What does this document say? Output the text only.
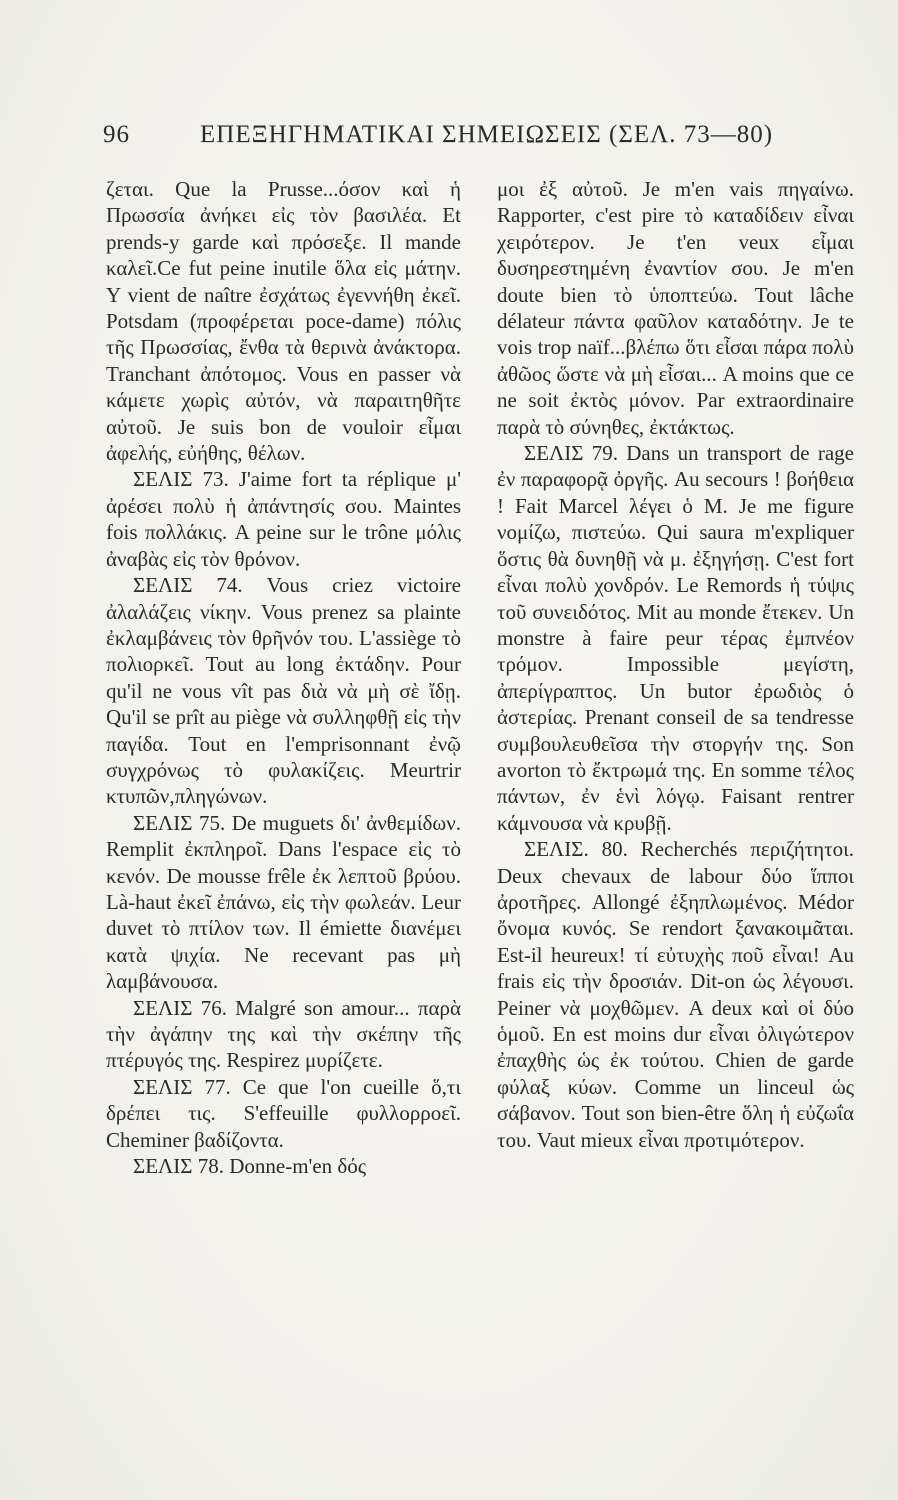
96	ΕΠΕΞΗΓΗΜΑΤΙΚΑΙ ΣΗΜΕΙΩΣΕΙΣ (ΣΕΛ. 73—80)

ζεται. Que la Prusse...όσον καὶ ἡ Πρωσσία ἀνήκει εἰς τὸν βασιλέα. Et prends-y garde καὶ πρόσεξε. Il mande καλεῖ.Ce fut peine inutile ὅλα εἰς μάτην. Y vient de naître ἐσχάτως ἐγεννήθη ἐκεῖ. Potsdam (προφέρεται poce-dame) πόλις τῆς Πρωσσίας, ἔνθα τὰ θερινὰ ἀνάκτορα. Tranchant ἀπότομος. Vous en passer νὰ κάμετε χωρὶς αὐτόν, νὰ παραιτηθῆτε αὐτοῦ. Je suis bon de vouloir εἶμαι ἀφελής, εὐήθης, θέλων.

ΣΕΛΙΣ 73. J'aime fort ta réplique μ' ἀρέσει πολὺ ἡ ἀπάντησίς σου. Maintes fois πολλάκις. A peine sur le trône μόλις ἀναβὰς εἰς τὸν θρόνον.

ΣΕΛΙΣ 74. Vous criez victoire ἀλαλάζεις νίκην. Vous prenez sa plainte ἐκλαμβάνεις τὸν θρῆνόν του. L'assiège τὸ πολιορκεῖ. Tout au long ἐκτάδην. Pour qu'il ne vous vît pas διὰ νὰ μὴ σὲ ἴδῃ. Qu'il se prît au piège νὰ συλληφθῇ εἰς τὴν παγίδα. Tout en l'emprisonnant ἐνῷ συγχρόνως τὸ φυλακίζεις. Meurtrir κτυπῶν,πληγώνων.

ΣΕΛΙΣ 75. De muguets δι' ἀνθεμίδων. Remplit ἐκπληροῖ. Dans l'espace εἰς τὸ κενόν. De mousse frêle ἐκ λεπτοῦ βρύου. Là-haut ἐκεῖ ἐπάνω, εἰς τὴν φωλεάν. Leur duvet τὸ πτίλον των. Il émiette διανέμει κατὰ ψιχία. Ne recevant pas μὴ λαμβάνουσα.

ΣΕΛΙΣ 76. Malgré son amour... παρὰ τὴν ἀγάπην της καὶ τὴν σκέπην τῆς πτέρυγός της. Respirez μυρίζετε.

ΣΕΛΙΣ 77. Ce que l'on cueille ὅ,τι δρέπει τις. S'effeuille φυλλορροεῖ. Cheminer βαδίζοντα.

ΣΕΛΙΣ 78. Donne-m'en δός

μοι ἐξ αὐτοῦ. Je m'en vais πηγαίνω. Rapporter, c'est pire τὸ καταδίδειν εἶναι χειρότερον. Je t'en veux εἶμαι δυσηρεστημένη ἐναντίον σου. Je m'en doute bien τὸ ὑποπτεύω. Tout lâche délateur πάντα φαῦλον καταδότην. Je te vois trop naïf...βλέπω ὅτι εἶσαι πάρα πολὺ ἀθῶος ὥστε νὰ μὴ εἶσαι... A moins que ce ne soit ἐκτὸς μόνον. Par extraordinaire παρὰ τὸ σύνηθες, ἐκτάκτως.

ΣΕΛΙΣ 79. Dans un transport de rage ἐν παραφορᾷ ὀργῆς. Au secours ! βοήθεια ! Fait Marcel λέγει ὁ Μ. Je me figure νομίζω, πιστεύω. Qui saura m'expliquer ὅστις θὰ δυνηθῇ νὰ μ. ἐξηγήσῃ. C'est fort εἶναι πολὺ χονδρόν. Le Remords ἡ τύψις τοῦ συνειδότος. Mit au monde ἔτεκεν. Un monstre à faire peur τέρας ἐμπνέον τρόμον. Impossible μεγίστη, ἀπερίγραπτος. Un butor ἐρωδιὸς ὁ ἀστερίας. Prenant conseil de sa tendresse συμβουλευθεῖσα τὴν στοργήν της. Son avorton τὸ ἔκτρωμά της. En somme τέλος πάντων, ἐν ἑνὶ λόγῳ. Faisant rentrer κάμνουσα νὰ κρυβῇ.

ΣΕΛΙΣ. 80. Recherchés περιζήτητοι. Deux chevaux de labour δύο ἵπποι ἀροτῆρες. Allongé ἐξηπλωμένος. Médor ὄνομα κυνός. Se rendort ξανακοιμᾶται. Est-il heureux! τί εὐτυχὴς ποῦ εἶναι! Au frais εἰς τὴν δροσιάν. Dit-on ὡς λέγουσι. Peiner νὰ μοχθῶμεν. A deux καὶ οἱ δύο ὁμοῦ. En est moins dur εἶναι ὀλιγώτερον ἐπαχθὴς ὡς ἐκ τούτου. Chien de garde φύλαξ κύων. Comme un linceul ὡς σάβανον. Tout son bien-être ὅλη ἡ εὐζωΐα του. Vaut mieux εἶναι προτιμότερον.
